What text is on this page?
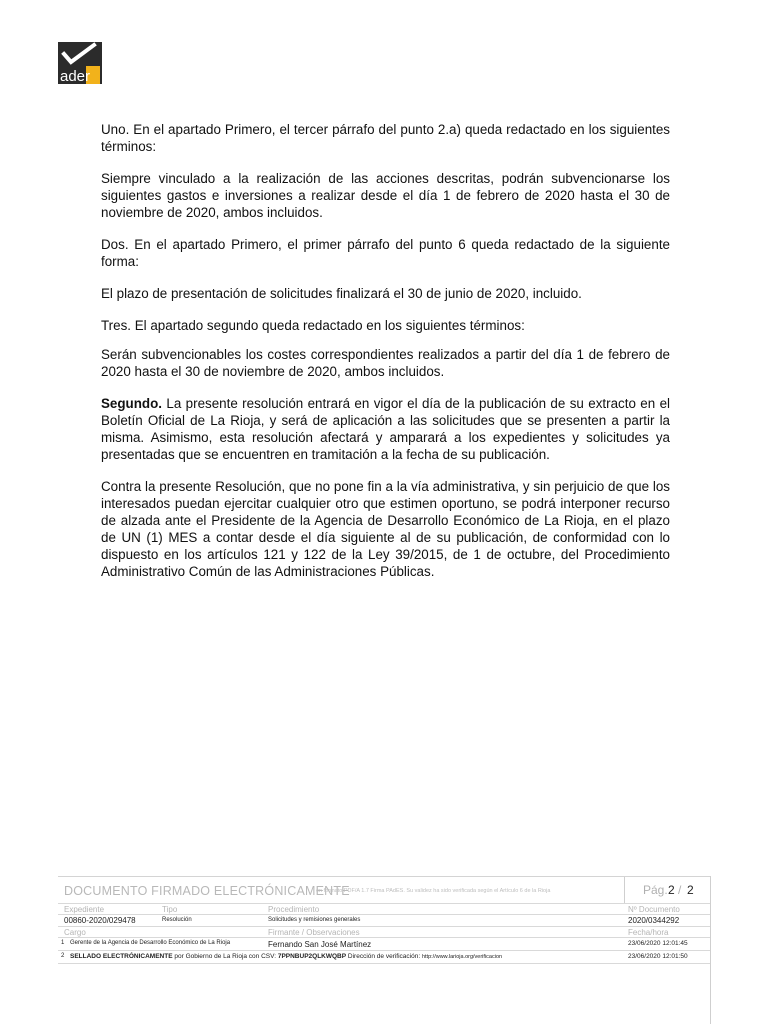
ader

Uno. En el apartado Primero, el tercer párrafo del punto 2.a) queda redactado en los siguientes términos:

Siempre vinculado a la realización de las acciones descritas, podrán subvencionarse los siguientes gastos e inversiones a realizar desde el día 1 de febrero de 2020 hasta el 30 de noviembre de 2020, ambos incluidos.

Dos. En el apartado Primero, el primer párrafo del punto 6 queda redactado de la siguiente forma:

El plazo de presentación de solicitudes finalizará el 30 de junio de 2020, incluido.

Tres. El apartado segundo queda redactado en los siguientes términos:

Serán subvencionables los costes correspondientes realizados a partir del día 1 de febrero de 2020 hasta el 30 de noviembre de 2020, ambos incluidos.

Segundo. La presente resolución entrará en vigor el día de la publicación de su extracto en el Boletín Oficial de La Rioja, y será de aplicación a las solicitudes que se presenten a partir la misma. Asimismo, esta resolución afectará y amparará a los expedientes y solicitudes ya presentadas que se encuentren en tramitación a la fecha de su publicación.

Contra la presente Resolución, que no pone fin a la vía administrativa, y sin perjuicio de que los interesados puedan ejercitar cualquier otro que estimen oportuno, se podrá interponer recurso de alzada ante el Presidente de la Agencia de Desarrollo Económico de La Rioja, en el plazo de UN (1) MES a contar desde el día siguiente al de su publicación, de conformidad con lo dispuesto en los artículos 121 y 122 de la Ley 39/2015, de 1 de octubre, del Procedimiento Administrativo Común de las Administraciones Públicas.

DOCUMENTO FIRMADO ELECTRÓNICAMENTE
en formato PDF/A 1.7 Firma PAdES. Su validez ha sido verificada según el Artículo 6 de la Rioja	Pág. 2 / 2
Expediente	Tipo	Procedimiento	Nº Documento
00860-2020/029478	Resolución	Solicitudes y remisiones generales	2020/0344292
Cargo	Firmante / Observaciones	Fecha/hora
1 Gerente de la Agencia de Desarrollo Económico de La Rioja	Fernando San José Martínez	23/06/2020 12:01:45
2 SELLADO ELECTRÓNICAMENTE por Gobierno de La Rioja con CSV: 7PPNBUP2QLKWQBP Dirección de verificación: http://www.larioja.org/verificacion	23/06/2020 12:01:50
